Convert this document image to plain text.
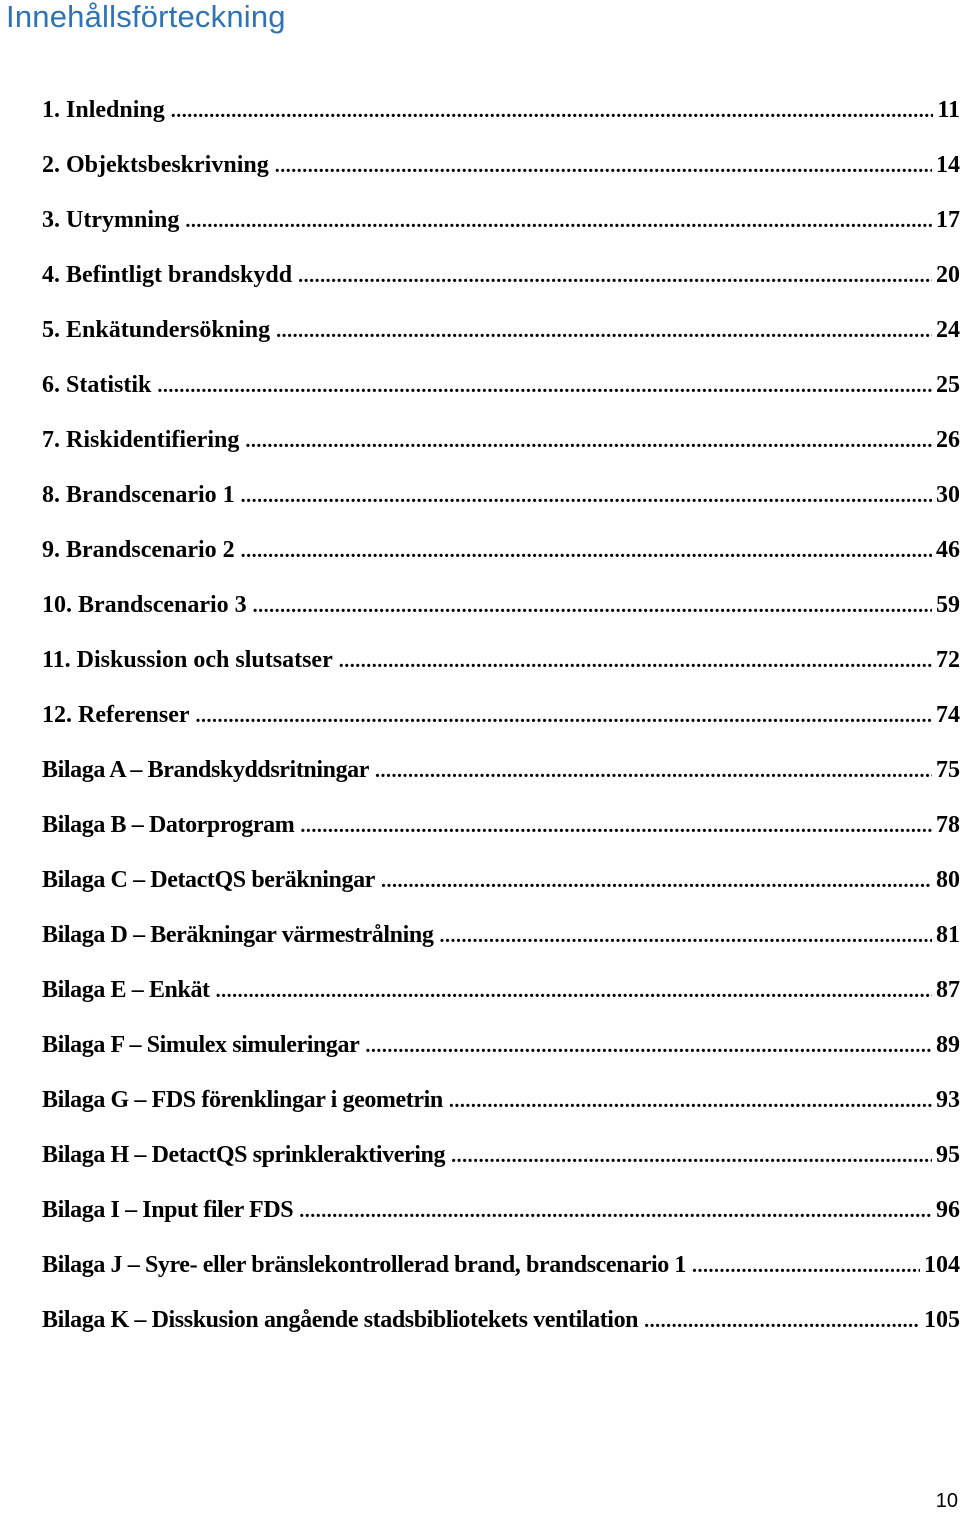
Innehållsförteckning
1. Inledning .....	11
2. Objektsbeskrivning .....	14
3. Utrymning .....	17
4. Befintligt brandskydd .....	20
5. Enkätundersökning .....	24
6. Statistik .....	25
7. Riskidentifiering .....	26
8. Brandscenario 1 .....	30
9. Brandscenario 2 .....	46
10. Brandscenario 3 .....	59
11. Diskussion och slutsatser .....	72
12. Referenser .....	74
Bilaga A – Brandskyddsritningar .....	75
Bilaga B – Datorprogram .....	78
Bilaga C – DetactQS beräkningar .....	80
Bilaga D – Beräkningar värmestrålning .....	81
Bilaga E – Enkät .....	87
Bilaga F – Simulex simuleringar .....	89
Bilaga G – FDS förenklingar i geometrin .....	93
Bilaga H – DetactQS sprinkleraktivering .....	95
Bilaga I – Input filer FDS .....	96
Bilaga J – Syre- eller bränslekontrollerad brand, brandscenario 1 .....	104
Bilaga K – Disskusion angående stadsbibliotekets ventilation .....	105
10
